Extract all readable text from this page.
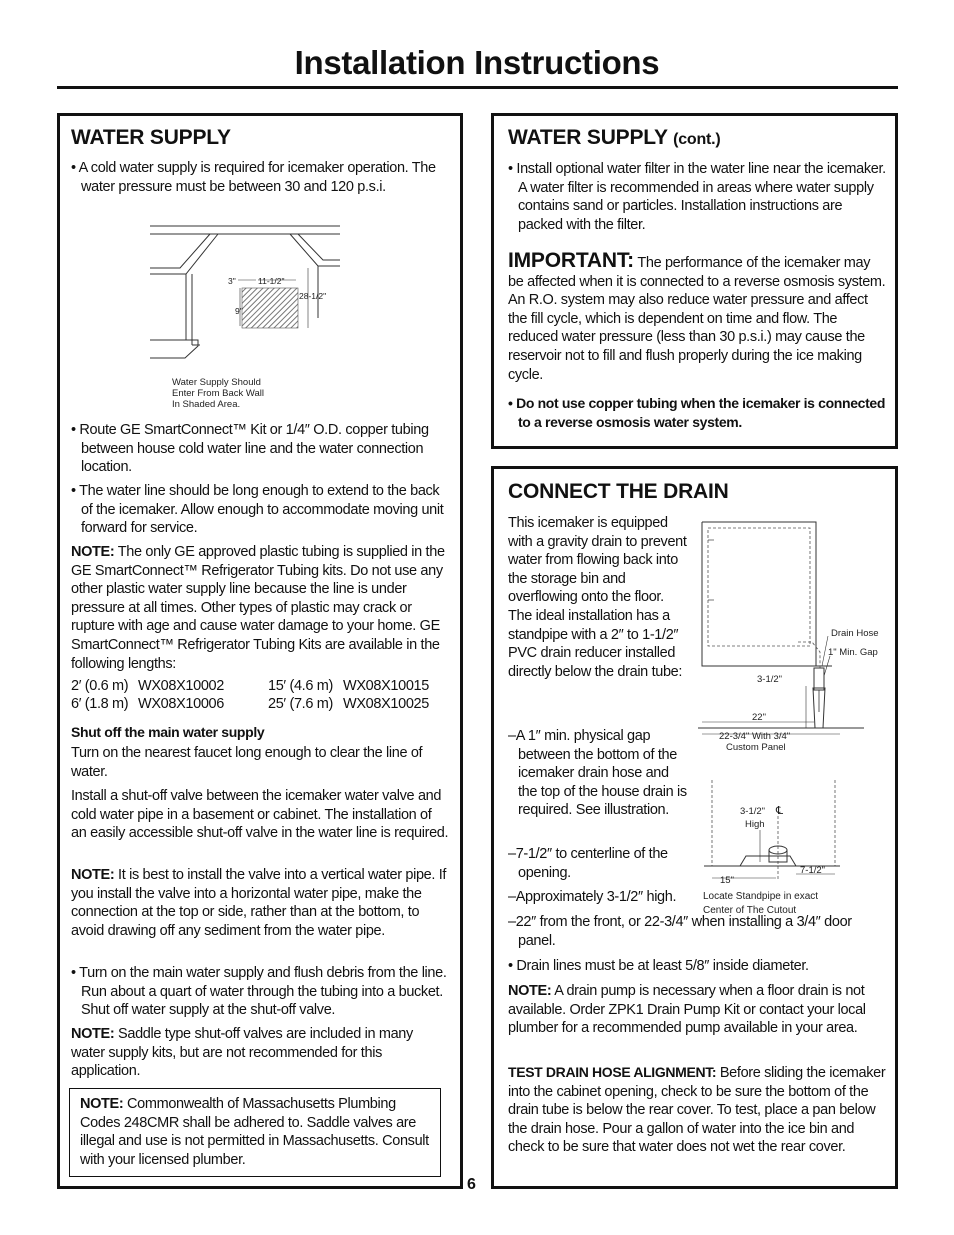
Installation Instructions
WATER SUPPLY
• A cold water supply is required for icemaker operation. The water pressure must be between 30 and 120 p.s.i.
3"	11-1/2"
28-1/2"
9"
Water Supply Should
Enter From Back Wall
In Shaded Area.
• Route GE SmartConnect™ Kit or 1/4″ O.D. copper tubing between house cold water line and the water connection location.
• The water line should be long enough to extend to the back of the icemaker. Allow enough to accommodate moving unit forward for service.
NOTE: The only GE approved plastic tubing is supplied in the GE SmartConnect™ Refrigerator Tubing kits. Do not use any other plastic water supply line because the line is under pressure at all times. Other types of plastic may crack or rupture with age and cause water damage to your home. GE SmartConnect™ Refrigerator Tubing Kits are available in the following lengths:
2′ (0.6 m) WX08X10002
6′ (1.8 m) WX08X10006
15′ (4.6 m) WX08X10015
25′ (7.6 m) WX08X10025
Shut off the main water supply
Turn on the nearest faucet long enough to clear the line of water.
Install a shut-off valve between the icemaker water valve and cold water pipe in a basement or cabinet. The installation of an easily accessible shut-off valve in the water line is required.
NOTE: It is best to install the valve into a vertical water pipe. If you install the valve into a horizontal water pipe, make the connection at the top or side, rather than at the bottom, to avoid drawing off any sediment from the water pipe.
• Turn on the main water supply and flush debris from the line. Run about a quart of water through the tubing into a bucket. Shut off water supply at the shut-off valve.
NOTE: Saddle type shut-off valves are included in many water supply kits, but are not recommended for this application.
NOTE: Commonwealth of Massachusetts Plumbing Codes 248CMR shall be adhered to. Saddle valves are illegal and use is not permitted in Massachusetts. Consult with your licensed plumber.
6
WATER SUPPLY (cont.)
• Install optional water filter in the water line near the icemaker. A water filter is recommended in areas where water supply contains sand or particles. Installation instructions are packed with the filter.
IMPORTANT: The performance of the icemaker may be affected when it is connected to a reverse osmosis system. An R.O. system may also reduce water pressure and affect the fill cycle, which is dependent on time and flow. The reduced water pressure (less than 30 p.s.i.) may cause the reservoir not to fill and flush properly during the ice making cycle.
• Do not use copper tubing when the icemaker is connected to a reverse osmosis water system.
CONNECT THE DRAIN
This icemaker is equipped with a gravity drain to prevent water from flowing back into the storage bin and overflowing onto the floor. The ideal installation has a standpipe with a 2″ to 1-1/2″ PVC drain reducer installed directly below the drain tube:
–A 1″ min. physical gap between the bottom of the icemaker drain hose and the top of the house drain is required. See illustration.
–7-1/2″ to centerline of the opening.
–Approximately 3-1/2″ high.
–22″ from the front, or 22-3/4″ when installing a 3/4″ door panel.
• Drain lines must be at least 5/8″ inside diameter.
NOTE: A drain pump is necessary when a floor drain is not available. Order ZPK1 Drain Pump Kit or contact your local plumber for a recommended pump available in your area.
TEST DRAIN HOSE ALIGNMENT: Before sliding the icemaker into the cabinet opening, check to be sure the bottom of the drain tube is below the rear cover. To test, place a pan below the drain hose. Pour a gallon of water into the ice bin and check to be sure that water does not wet the rear cover.
Drain Hose
1" Min. Gap
3-1/2"
22"
22-3/4" With 3/4"
Custom Panel
3-1/2" ℄
High
7-1/2"
15"
Locate Standpipe in exact
Center of The Cutout
